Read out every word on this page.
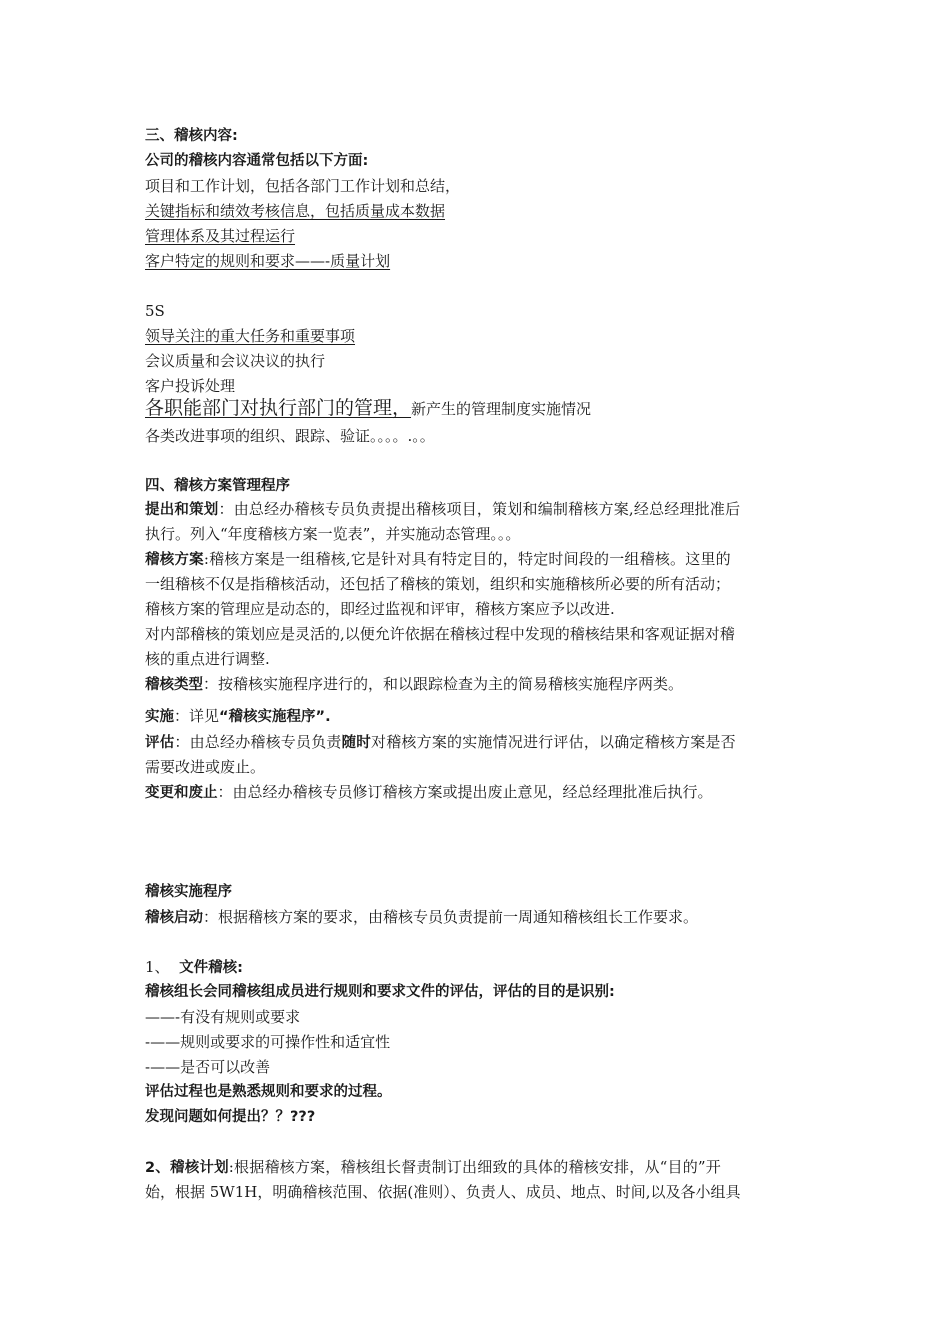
三、稽核内容:
公司的稽核内容通常包括以下方面:
项目和工作计划，包括各部门工作计划和总结，
关键指标和绩效考核信息，包括质量成本数据
管理体系及其过程运行
客户特定的规则和要求——-质量计划
5S
领导关注的重大任务和重要事项
会议质量和会议决议的执行
客户投诉处理
各职能部门对执行部门的管理，新产生的管理制度实施情况
各类改进事项的组织、跟踪、验证。。。。.。。
四、稽核方案管理程序
提出和策划：由总经办稽核专员负责提出稽核项目，策划和编制稽核方案,经总经理批准后
执行。列入“年度稽核方案一览表”，并实施动态管理。。。
稽核方案:稽核方案是一组稽核,它是针对具有特定目的，特定时间段的一组稽核。这里的
一组稽核不仅是指稽核活动，还包括了稽核的策划，组织和实施稽核所必要的所有活动；
稽核方案的管理应是动态的，即经过监视和评审，稽核方案应予以改进.
对内部稽核的策划应是灵活的,以便允许依据在稽核过程中发现的稽核结果和客观证据对稽
核的重点进行调整.
稽核类型：按稽核实施程序进行的，和以跟踪检查为主的简易稽核实施程序两类。
实施：详见“稽核实施程序”.
评估：由总经办稽核专员负责随时对稽核方案的实施情况进行评估，以确定稽核方案是否
需要改进或废止。
变更和废止：由总经办稽核专员修订稽核方案或提出废止意见，经总经理批准后执行。
稽核实施程序
稽核启动：根据稽核方案的要求，由稽核专员负责提前一周通知稽核组长工作要求。
1、 文件稽核:
稽核组长会同稽核组成员进行规则和要求文件的评估，评估的目的是识别:
——-有没有规则或要求
-——规则或要求的可操作性和适宜性
-——是否可以改善
评估过程也是熟悉规则和要求的过程。
发现问题如何提出？？???
2、稽核计划:根据稽核方案，稽核组长督责制订出细致的具体的稽核安排，从“目的”开
始，根据 5W1H，明确稽核范围、依据(准则）、负责人、成员、地点、时间,以及各小组具
